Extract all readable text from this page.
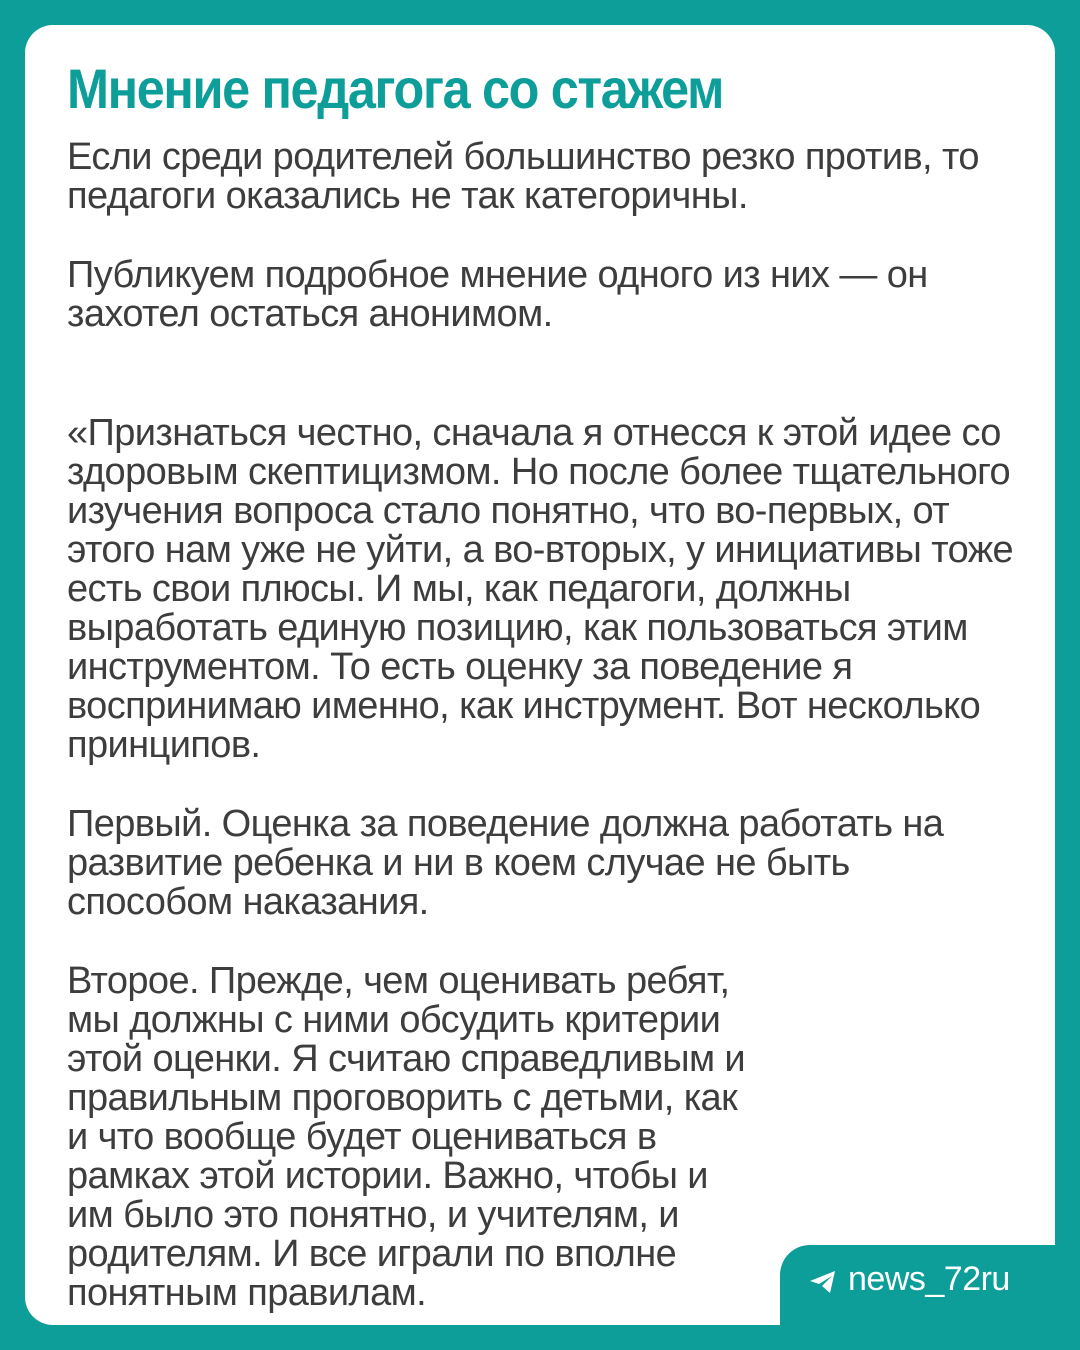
Мнение педагога со стажем

Если среди родителей большинство резко против, то педагоги оказались не так категоричны.

Публикуем подробное мнение одного из них — он захотел остаться анонимом.

«Признаться честно, сначала я отнесся к этой идее со здоровым скептицизмом. Но после более тщательного изучения вопроса стало понятно, что во-первых, от этого нам уже не уйти, а во-вторых, у инициативы тоже есть свои плюсы. И мы, как педагоги, должны выработать единую позицию, как пользоваться этим инструментом. То есть оценку за поведение я воспринимаю именно, как инструмент. Вот несколько принципов.

Первый. Оценка за поведение должна работать на развитие ребенка и ни в коем случае не быть способом наказания.

Второе. Прежде, чем оценивать ребят, мы должны с ними обсудить критерии этой оценки. Я считаю справедливым и правильным проговорить с детьми, как и что вообще будет оцениваться в рамках этой истории. Важно, чтобы и им было это понятно, и учителям, и родителям. И все играли по вполне понятным правилам.	news_72ru
